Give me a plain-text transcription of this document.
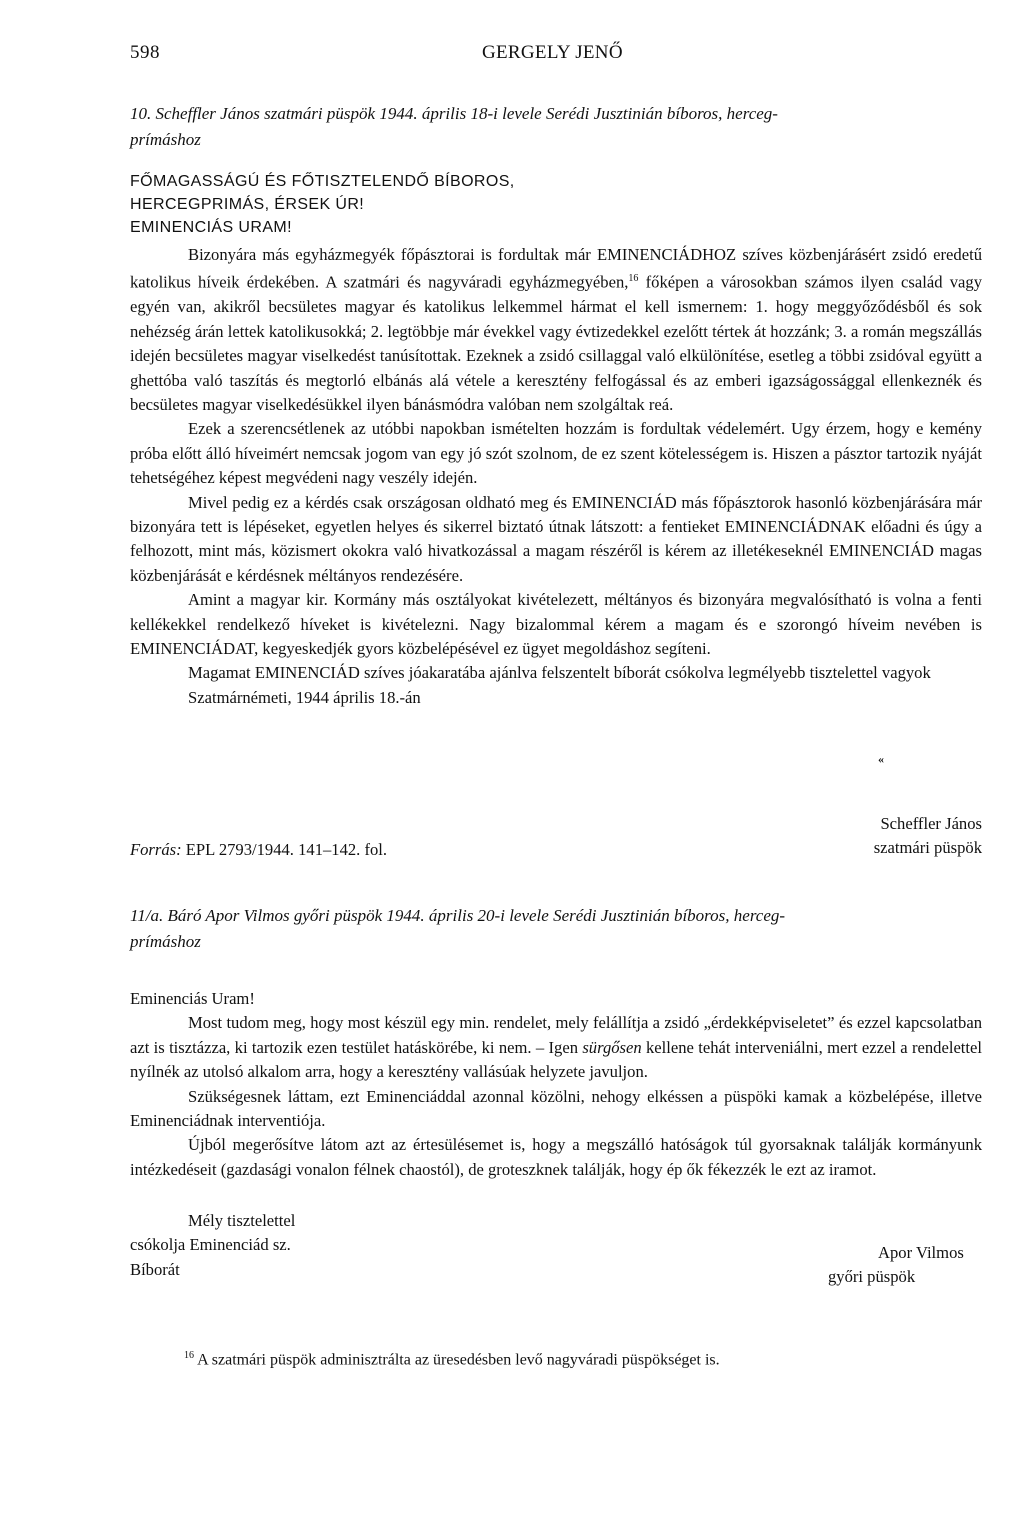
598	GERGELY JENŐ
10. Scheffler János szatmári püspök 1944. április 18-i levele Serédi Jusztinián bíboros, herceg-
prímáshoz
FŐMAGASSÁGÚ ÉS FŐTISZTELENDŐ BÍBOROS,
HERCEGPRIMÁS, ÉRSEK ÚR!
EMINENCIÁS URAM!

Bizonyára más egyházmegyék főpásztorai is fordultak már EMINENCIÁDHOZ szíves közbenjárásért zsidó eredetű katolikus híveik érdekében. A szatmári és nagyváradi egyházmegyében,$^{16}$ főképen a városokban számos ilyen család vagy egyén van, akikről becsületes magyar és katolikus lelkemmel hármat el kell ismernem: 1. hogy meggyőződésből és sok nehézség árán lettek katolikusokká; 2. legtöbbje már évekkel vagy évtizedekkel ezelőtt tértek át hozzánk; 3. a román megszállás idején becsületes magyar viselkedést tanúsítottak. Ezeknek a zsidó csillaggal való elkülönítése, esetleg a többi zsidóval együtt a ghettóba való taszítás és megtorló elbánás alá vétele a keresztény felfogással és az emberi igazságossággal ellenkeznék és becsületes magyar viselkedésükkel ilyen bánásmódra valóban nem szolgáltak reá.

Ezek a szerencsétlenek az utóbbi napokban ismételten hozzám is fordultak védelemért. Ugy érzem, hogy e kemény próba előtt álló híveimért nemcsak jogom van egy jó szót szolnom, de ez szent kötelességem is. Hiszen a pásztor tartozik nyáját tehetségéhez képest megvédeni nagy veszély idején.

Mivel pedig ez a kérdés csak országosan oldható meg és EMINENCIÁD más főpásztorok hasonló közbenjárására már bizonyára tett is lépéseket, egyetlen helyes és sikerrel biztató útnak látszott: a fentieket EMINENCIÁDNAK előadni és úgy a felhozott, mint más, közismert okokra való hivatkozással a magam részéről is kérem az illetékeseknél EMINENCIÁD magas közbenjárását e kérdésnek méltányos rendezésére.

Amint a magyar kir. Kormány más osztályokat kivételezett, méltányos és bizonyára megvalósítható is volna a fenti kellékekkel rendelkező híveket is kivételezni. Nagy bizalommal kérem a magam és e szorongó híveim nevében is EMINENCIÁDAT, kegyeskedjék gyors közbelépésével ez ügyet megoldáshoz segíteni.

Magamat EMINENCIÁD szíves jóakaratába ajánlva felszentelt bíborát csókolva legmélyebb tisztelettel vagyok

Szatmárnémeti, 1944 április 18.-án

«
Scheffler János
szatmári püspök
Forrás: EPL 2793/1944. 141–142. fol.
11/a. Báró Apor Vilmos győri püspök 1944. április 20-i levele Serédi Jusztinián bíboros, herceg-
prímáshoz

Eminenciás Uram!

Most tudom meg, hogy most készül egy min. rendelet, mely felállítja a zsidó „érdekképviseletet” és ezzel kapcsolatban azt is tisztázza, ki tartozik ezen testület hatáskörébe, ki nem. – Igen sürgősen kellene tehát interveniálni, mert ezzel a rendelettel nyílnék az utolsó alkalom arra, hogy a keresztény vallásúak helyzete javuljon.

Szükségesnek láttam, ezt Eminenciáddal azonnal közölni, nehogy elkéssen a püspöki kamak a közbelépése, illetve Eminenciádnak interventiója.

Újból megerősítve látom azt az értesülésemet is, hogy a megszálló hatóságok túl gyorsaknak találják kormányunk intézkedéseit (gazdasági vonalon félnek chaostól), de groteszknek találják, hogy ép ők fékezzék le ezt az iramot.

Mély tisztelettel
csókolja Eminenciád sz.
Bíborát
Apor Vilmos
győri püspök
$^{16}$ A szatmári püspök adminisztrálta az üresedésben levő nagyváradi püspökséget is.
